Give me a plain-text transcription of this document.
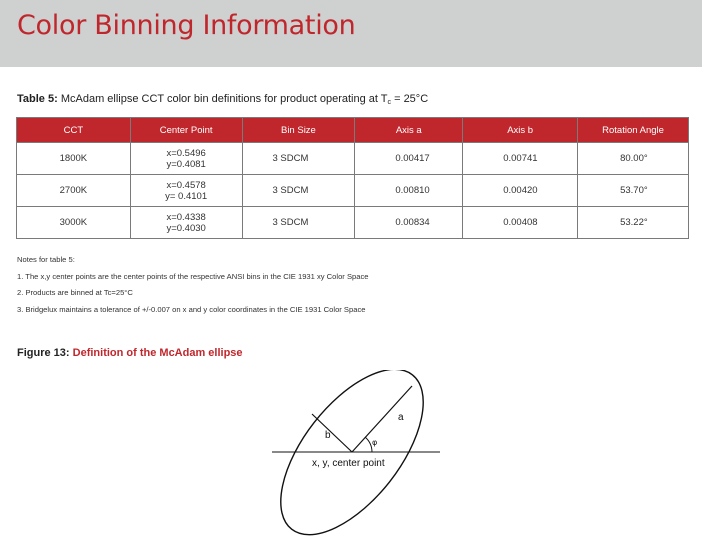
Color Binning Information
Table 5: McAdam ellipse CCT color bin definitions for product operating at $T_c = 25^\circ C$
CCT	Center Point	Bin Size	Axis a	Axis b	Rotation Angle
1800K	x=0.5496
y=0.4081	3 SDCM	0.00417	0.00741	80.00°
2700K	x=0.4578
y= 0.4101	3 SDCM	0.00810	0.00420	53.70°
3000K	x=0.4338
y=0.4030	3 SDCM	0.00834	0.00408	53.22°
Notes for table 5:
1. The x,y center points are the center points of the respective ANSI bins in the CIE 1931 xy Color Space
2. Products are binned at Tc=25°C
3. Bridgelux maintains a tolerance of +/-0.007 on x and y color coordinates in the CIE 1931 Color Space
Figure 13: Definition of the McAdam ellipse
a
b
φ
x, y, center point
